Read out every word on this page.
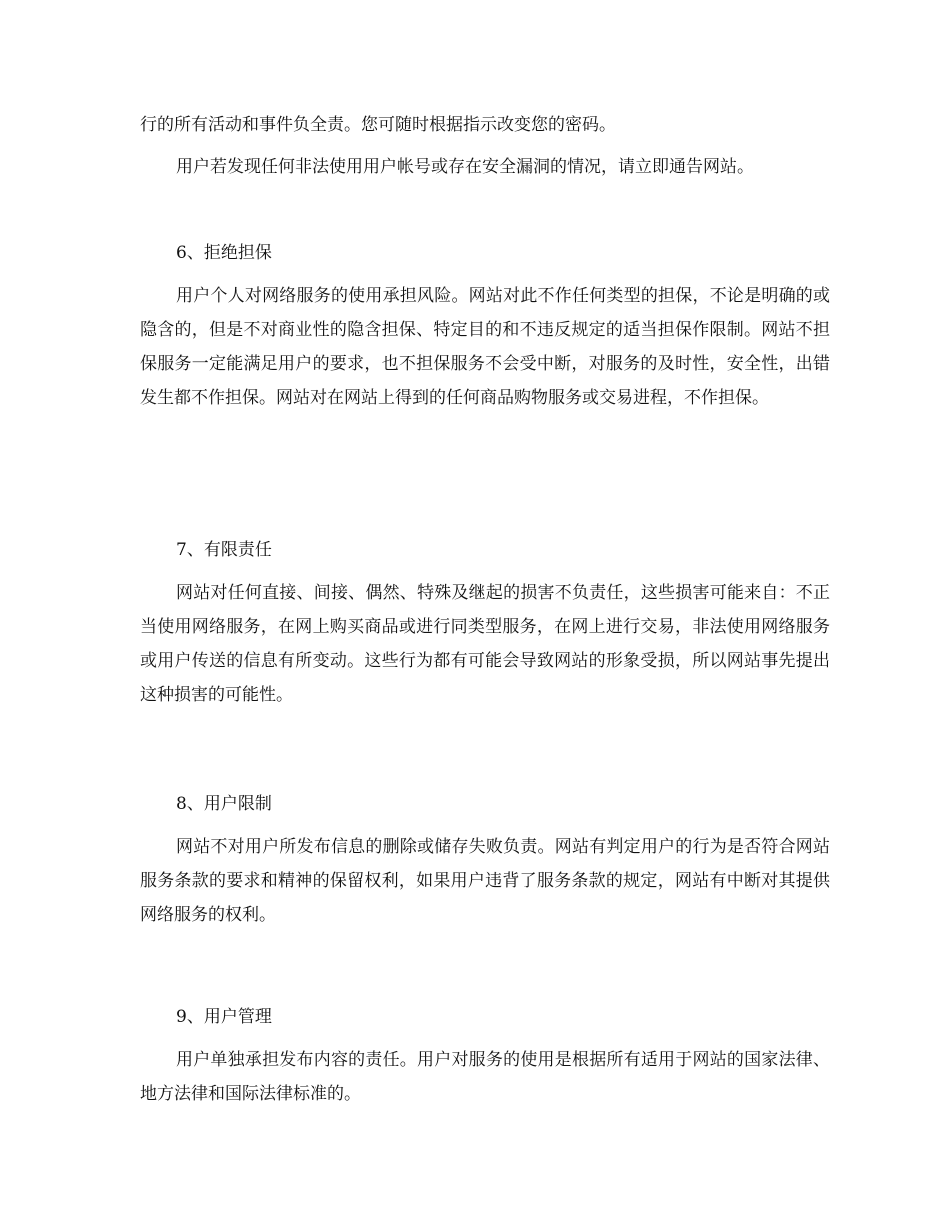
行的所有活动和事件负全责。您可随时根据指示改变您的密码。

用户若发现任何非法使用用户帐号或存在安全漏洞的情况，请立即通告网站。

6、拒绝担保

用户个人对网络服务的使用承担风险。网站对此不作任何类型的担保，不论是明确的或隐含的，但是不对商业性的隐含担保、特定目的和不违反规定的适当担保作限制。网站不担保服务一定能满足用户的要求，也不担保服务不会受中断，对服务的及时性，安全性，出错发生都不作担保。网站对在网站上得到的任何商品购物服务或交易进程，不作担保。

7、有限责任

网站对任何直接、间接、偶然、特殊及继起的损害不负责任，这些损害可能来自：不正当使用网络服务，在网上购买商品或进行同类型服务，在网上进行交易，非法使用网络服务或用户传送的信息有所变动。这些行为都有可能会导致网站的形象受损，所以网站事先提出这种损害的可能性。

8、用户限制

网站不对用户所发布信息的删除或储存失败负责。网站有判定用户的行为是否符合网站服务条款的要求和精神的保留权利，如果用户违背了服务条款的规定，网站有中断对其提供网络服务的权利。

9、用户管理

用户单独承担发布内容的责任。用户对服务的使用是根据所有适用于网站的国家法律、地方法律和国际法律标准的。
